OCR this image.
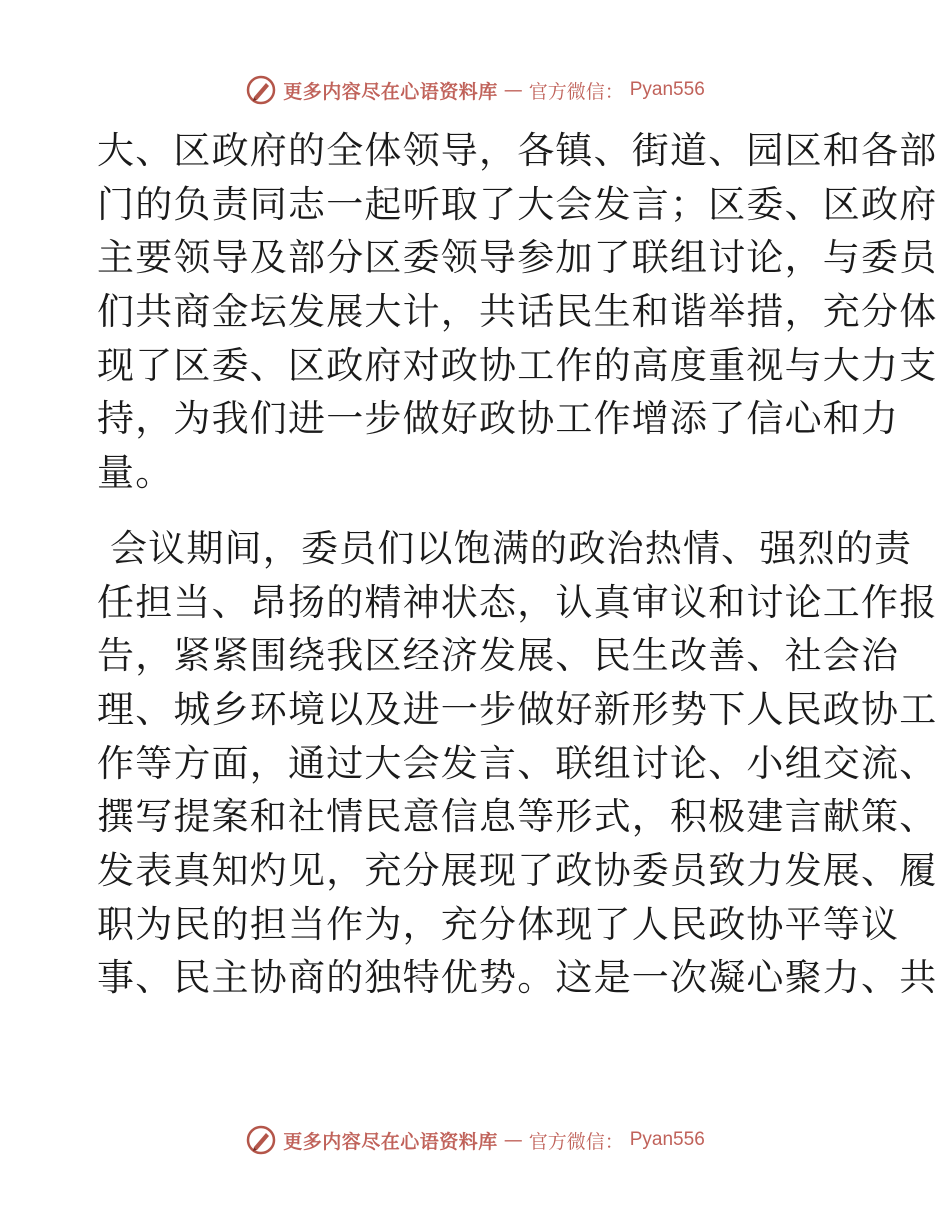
更多内容尽在心语资料库 — 官方微信： Pyan556
大、区政府的全体领导，各镇、街道、园区和各部
门的负责同志一起听取了大会发言；区委、区政府
主要领导及部分区委领导参加了联组讨论，与委员
们共商金坛发展大计，共话民生和谐举措，充分体
现了区委、区政府对政协工作的高度重视与大力支
持，为我们进一步做好政协工作增添了信心和力
量。
会议期间，委员们以饱满的政治热情、强烈的责
任担当、昂扬的精神状态，认真审议和讨论工作报
告，紧紧围绕我区经济发展、民生改善、社会治
理、城乡环境以及进一步做好新形势下人民政协工
作等方面，通过大会发言、联组讨论、小组交流、
撰写提案和社情民意信息等形式，积极建言献策、
发表真知灼见，充分展现了政协委员致力发展、履
职为民的担当作为，充分体现了人民政协平等议
事、民主协商的独特优势。这是一次凝心聚力、共
更多内容尽在心语资料库 — 官方微信： Pyan556
